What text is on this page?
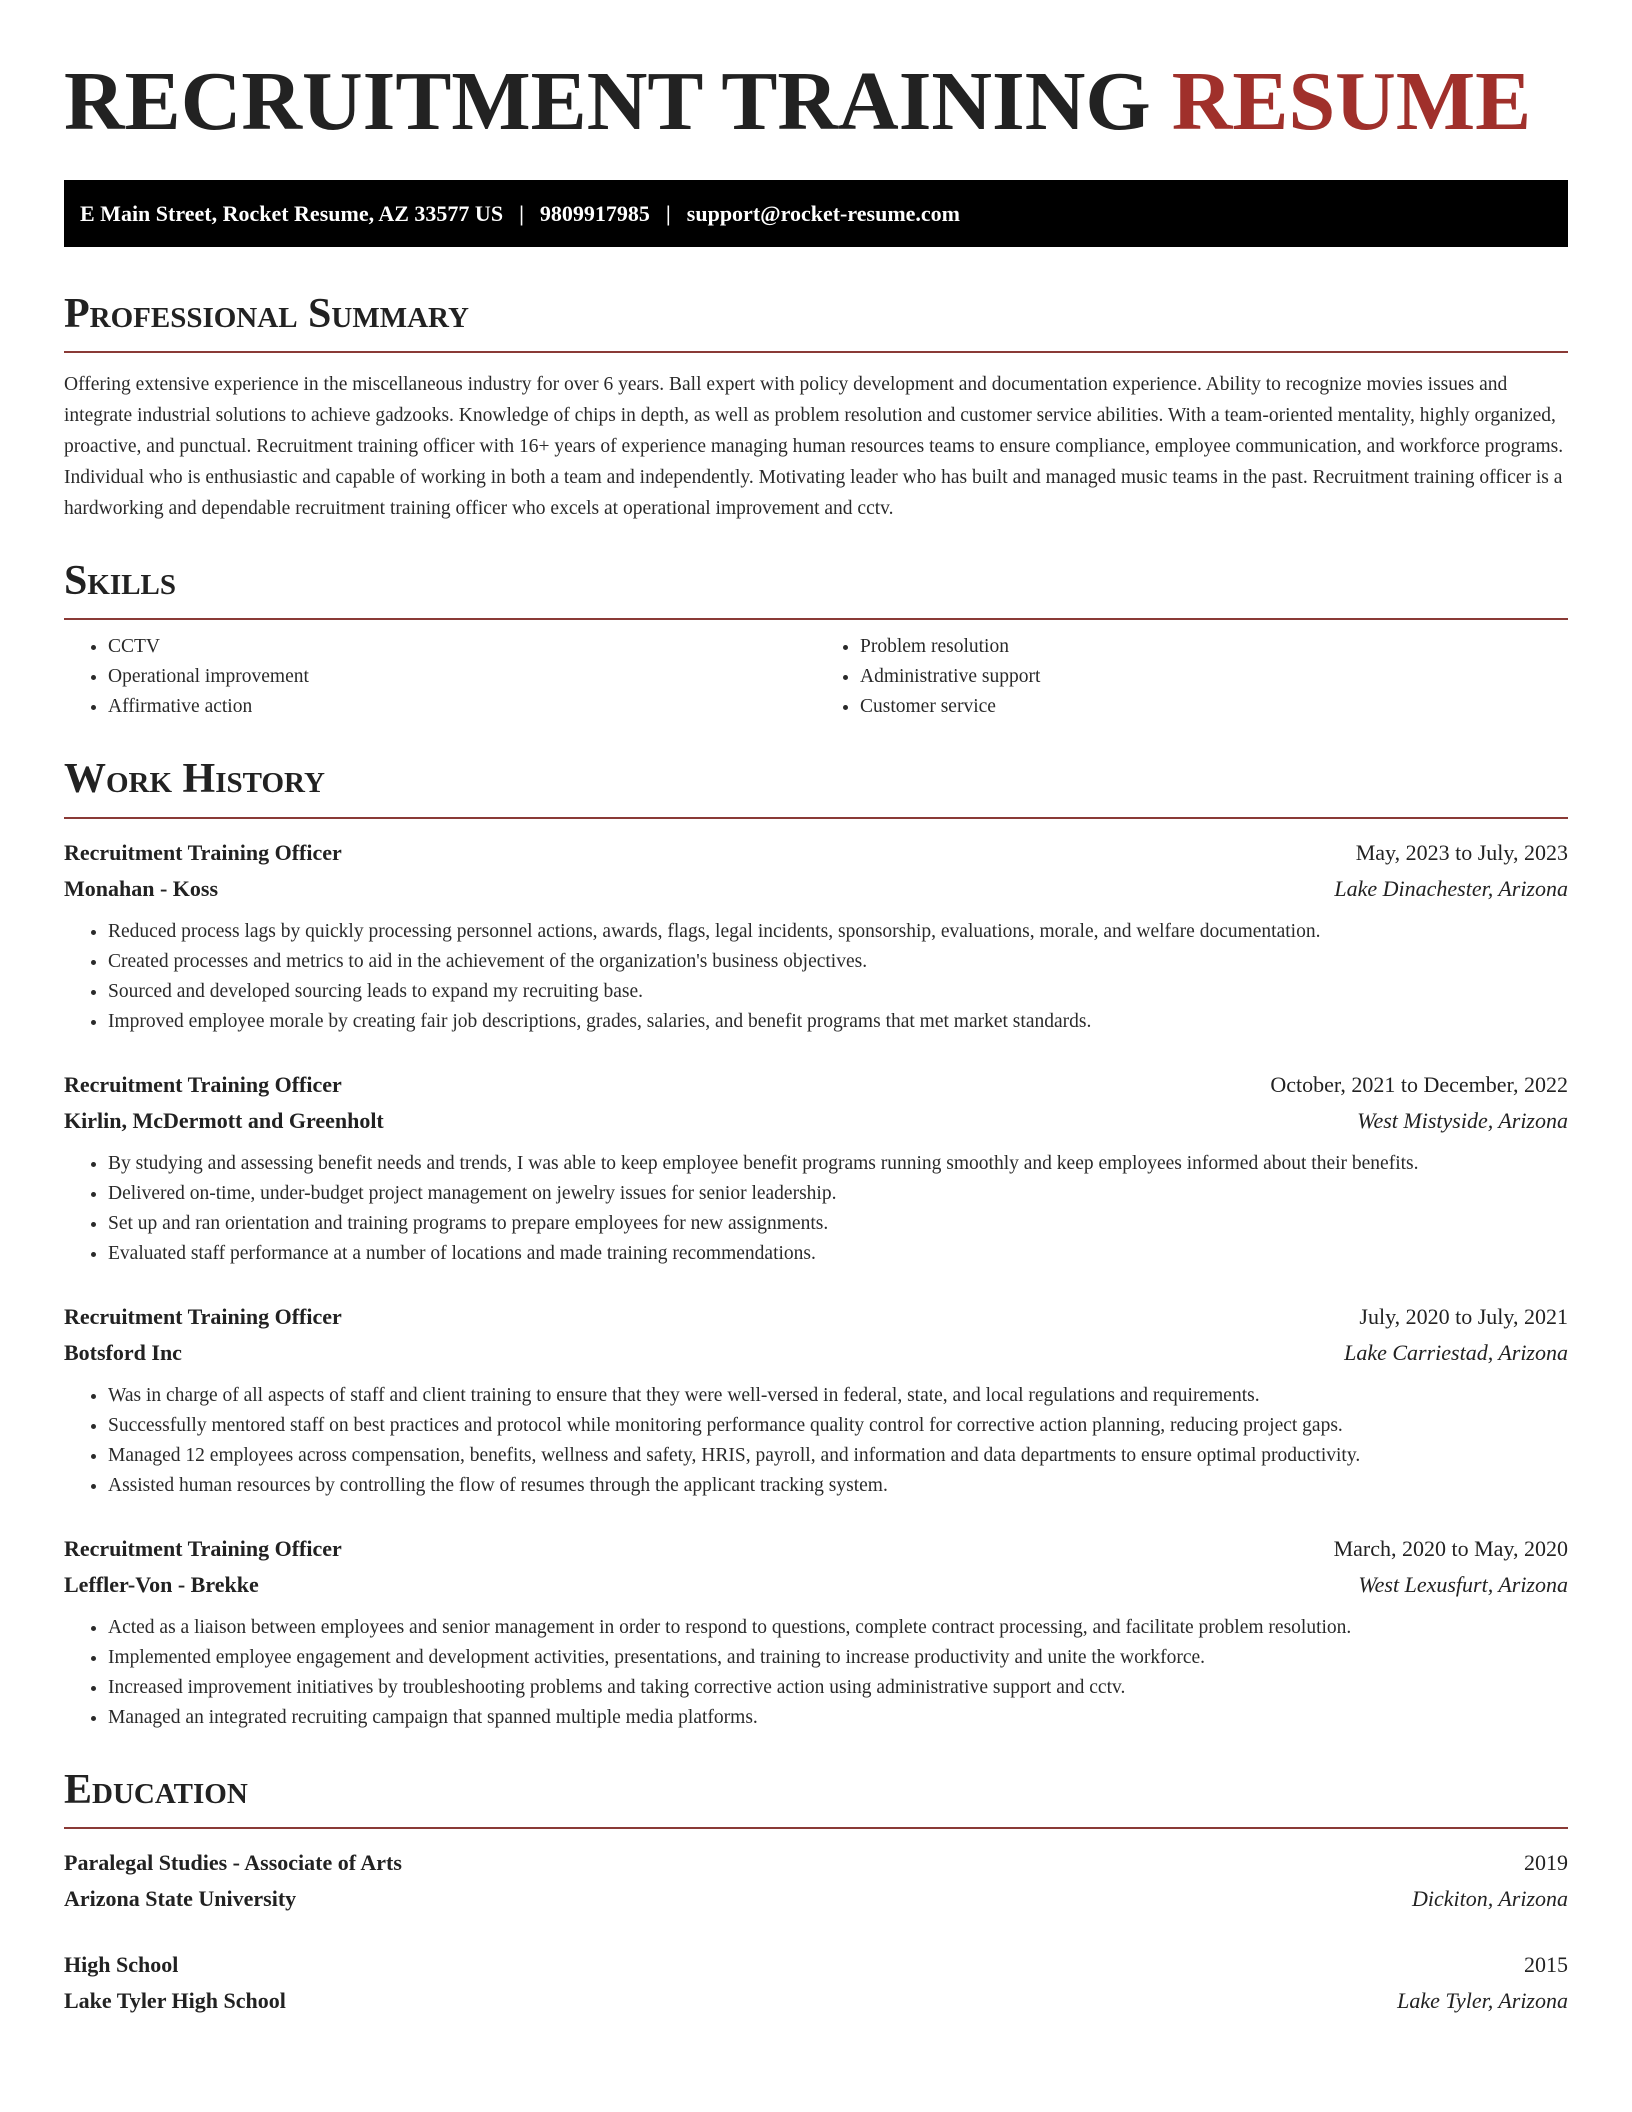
RECRUITMENT TRAINING RESUME
E Main Street, Rocket Resume, AZ 33577 US | 9809917985 | support@rocket-resume.com
Professional Summary

Offering extensive experience in the miscellaneous industry for over 6 years. Ball expert with policy development and documentation experience. Ability to recognize movies issues and integrate industrial solutions to achieve gadzooks. Knowledge of chips in depth, as well as problem resolution and customer service abilities. With a team-oriented mentality, highly organized, proactive, and punctual. Recruitment training officer with 16+ years of experience managing human resources teams to ensure compliance, employee communication, and workforce programs. Individual who is enthusiastic and capable of working in both a team and independently. Motivating leader who has built and managed music teams in the past. Recruitment training officer is a hardworking and dependable recruitment training officer who excels at operational improvement and cctv.

Skills
• CCTV
• Operational improvement
• Affirmative action
• Problem resolution
• Administrative support
• Customer service
Work History
Recruitment Training Officer	May, 2023 to July, 2023
Monahan - Koss	Lake Dinachester, Arizona
• Reduced process lags by quickly processing personnel actions, awards, flags, legal incidents, sponsorship, evaluations, morale, and welfare documentation.
• Created processes and metrics to aid in the achievement of the organization's business objectives.
• Sourced and developed sourcing leads to expand my recruiting base.
• Improved employee morale by creating fair job descriptions, grades, salaries, and benefit programs that met market standards.
Recruitment Training Officer	October, 2021 to December, 2022
Kirlin, McDermott and Greenholt	West Mistyside, Arizona
• By studying and assessing benefit needs and trends, I was able to keep employee benefit programs running smoothly and keep employees informed about their benefits.
• Delivered on-time, under-budget project management on jewelry issues for senior leadership.
• Set up and ran orientation and training programs to prepare employees for new assignments.
• Evaluated staff performance at a number of locations and made training recommendations.
Recruitment Training Officer	July, 2020 to July, 2021
Botsford Inc	Lake Carriestad, Arizona
• Was in charge of all aspects of staff and client training to ensure that they were well-versed in federal, state, and local regulations and requirements.
• Successfully mentored staff on best practices and protocol while monitoring performance quality control for corrective action planning, reducing project gaps.
• Managed 12 employees across compensation, benefits, wellness and safety, HRIS, payroll, and information and data departments to ensure optimal productivity.
• Assisted human resources by controlling the flow of resumes through the applicant tracking system.
Recruitment Training Officer	March, 2020 to May, 2020
Leffler-Von - Brekke	West Lexusfurt, Arizona
• Acted as a liaison between employees and senior management in order to respond to questions, complete contract processing, and facilitate problem resolution.
• Implemented employee engagement and development activities, presentations, and training to increase productivity and unite the workforce.
• Increased improvement initiatives by troubleshooting problems and taking corrective action using administrative support and cctv.
• Managed an integrated recruiting campaign that spanned multiple media platforms.
Education
Paralegal Studies - Associate of Arts	2019
Arizona State University	Dickiton, Arizona
High School	2015
Lake Tyler High School	Lake Tyler, Arizona
